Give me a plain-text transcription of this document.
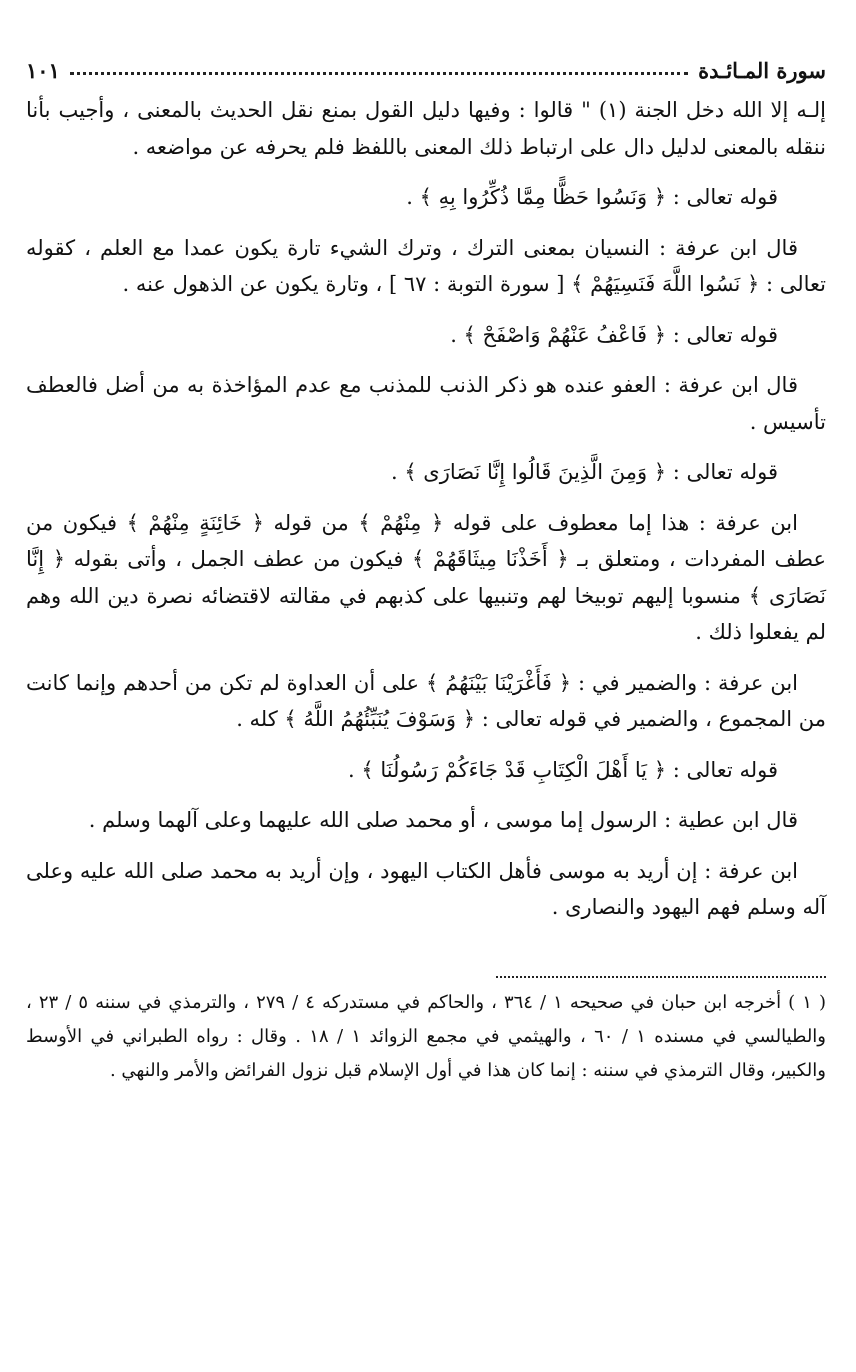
سورة المـائـدة
١٠١

إلـه إلا الله دخل الجنة (١) " قالوا : وفيها دليل القول بمنع نقل الحديث بالمعنى ، وأجيب بأنا ننقله بالمعنى لدليل دال على ارتباط ذلك المعنى باللفظ فلم يحرفه عن مواضعه .

قوله تعالى : ﴿ وَنَسُوا حَظًّا مِمَّا ذُكِّرُوا بِهِ ﴾ .

قال ابن عرفة : النسيان بمعنى الترك ، وترك الشيء تارة يكون عمدا مع العلم ، كقوله تعالى : ﴿ نَسُوا اللَّهَ فَنَسِيَهُمْ ﴾ [ سورة التوبة : ٦٧ ] ، وتارة يكون عن الذهول عنه .

قوله تعالى : ﴿ فَاعْفُ عَنْهُمْ وَاصْفَحْ ﴾ .

قال ابن عرفة : العفو عنده هو ذكر الذنب للمذنب مع عدم المؤاخذة به من أضل فالعطف تأسيس .

قوله تعالى : ﴿ وَمِنَ الَّذِينَ قَالُوا إِنَّا نَصَارَى ﴾ .

ابن عرفة : هذا إما معطوف على قوله ﴿ مِنْهُمْ ﴾ من قوله ﴿ خَائِنَةٍ مِنْهُمْ ﴾ فيكون من عطف المفردات ، ومتعلق بـ ﴿ أَخَذْنَا مِيثَاقَهُمْ ﴾ فيكون من عطف الجمل ، وأتى بقوله ﴿ إِنَّا نَصَارَى ﴾ منسوبا إليهم توبيخا لهم وتنبيها على كذبهم في مقالته لاقتضائه نصرة دين الله وهم لم يفعلوا ذلك .

ابن عرفة : والضمير في : ﴿ فَأَغْرَيْنَا بَيْنَهُمُ ﴾ على أن العداوة لم تكن من أحدهم وإنما كانت من المجموع ، والضمير في قوله تعالى : ﴿ وَسَوْفَ يُنَبِّئُهُمُ اللَّهُ ﴾ كله .

قوله تعالى : ﴿ يَا أَهْلَ الْكِتَابِ قَدْ جَاءَكُمْ رَسُولُنَا ﴾ .

قال ابن عطية : الرسول إما موسى ، أو محمد صلى الله عليهما وعلى آلهما وسلم .

ابن عرفة : إن أريد به موسى فأهل الكتاب اليهود ، وإن أريد به محمد صلى الله عليه وعلى آله وسلم فهم اليهود والنصارى .

( ١ ) أخرجه ابن حبان في صحيحه ١ / ٣٦٤ ، والحاكم في مستدركه ٤ / ٢٧٩ ، والترمذي في سننه ٥ / ٢٣ ، والطيالسي في مسنده ١ / ٦٠ ، والهيثمي في مجمع الزوائد ١ / ١٨ . وقال : رواه الطبراني في الأوسط والكبير، وقال الترمذي في سننه : إنما كان هذا في أول الإسلام قبل نزول الفرائض والأمر والنهي .
